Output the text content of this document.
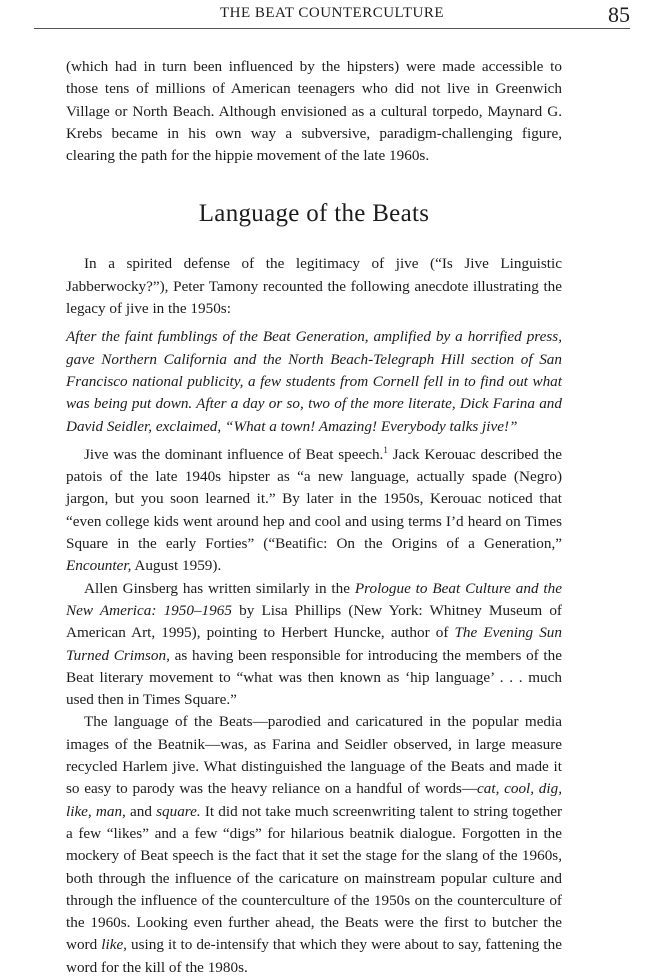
THE BEAT COUNTERCULTURE	85

(which had in turn been influenced by the hipsters) were made accessible to those tens of millions of American teenagers who did not live in Greenwich Village or North Beach. Although envisioned as a cultural torpedo, Maynard G. Krebs became in his own way a subversive, paradigm-challenging figure, clearing the path for the hippie movement of the late 1960s.

Language of the Beats

In a spirited defense of the legitimacy of jive (“Is Jive Linguistic Jabberwocky?”), Peter Tamony recounted the following anecdote illustrating the legacy of jive in the 1950s:

After the faint fumblings of the Beat Generation, amplified by a horrified press, gave Northern California and the North Beach-Telegraph Hill section of San Francisco national publicity, a few students from Cornell fell in to find out what was being put down. After a day or so, two of the more literate, Dick Farina and David Seidler, exclaimed, “What a town! Amazing! Everybody talks jive!”

Jive was the dominant influence of Beat speech.$^1$ Jack Kerouac described the patois of the late 1940s hipster as “a new language, actually spade (Negro) jargon, but you soon learned it.” By later in the 1950s, Kerouac noticed that “even college kids went around hep and cool and using terms I’d heard on Times Square in the early Forties” (“Beatific: On the Origins of a Generation,” Encounter, August 1959).

Allen Ginsberg has written similarly in the Prologue to Beat Culture and the New America: 1950–1965 by Lisa Phillips (New York: Whitney Museum of American Art, 1995), pointing to Herbert Huncke, author of The Evening Sun Turned Crimson, as having been responsible for introducing the members of the Beat literary movement to “what was then known as ‘hip language’ . . . much used then in Times Square.”

The language of the Beats—parodied and caricatured in the popular media images of the Beatnik—was, as Farina and Seidler observed, in large measure recycled Harlem jive. What distinguished the language of the Beats and made it so easy to parody was the heavy reliance on a handful of words—cat, cool, dig, like, man, and square. It did not take much screenwriting talent to string together a few “likes” and a few “digs” for hilarious beatnik dialogue. Forgotten in the mockery of Beat speech is the fact that it set the stage for the slang of the 1960s, both through the influence of the caricature on mainstream popular culture and through the influence of the counterculture of the 1950s on the counterculture of the 1960s. Looking even further ahead, the Beats were the first to butcher the word like, using it to de-intensify that which they were about to say, fattening the word for the kill of the 1980s.
